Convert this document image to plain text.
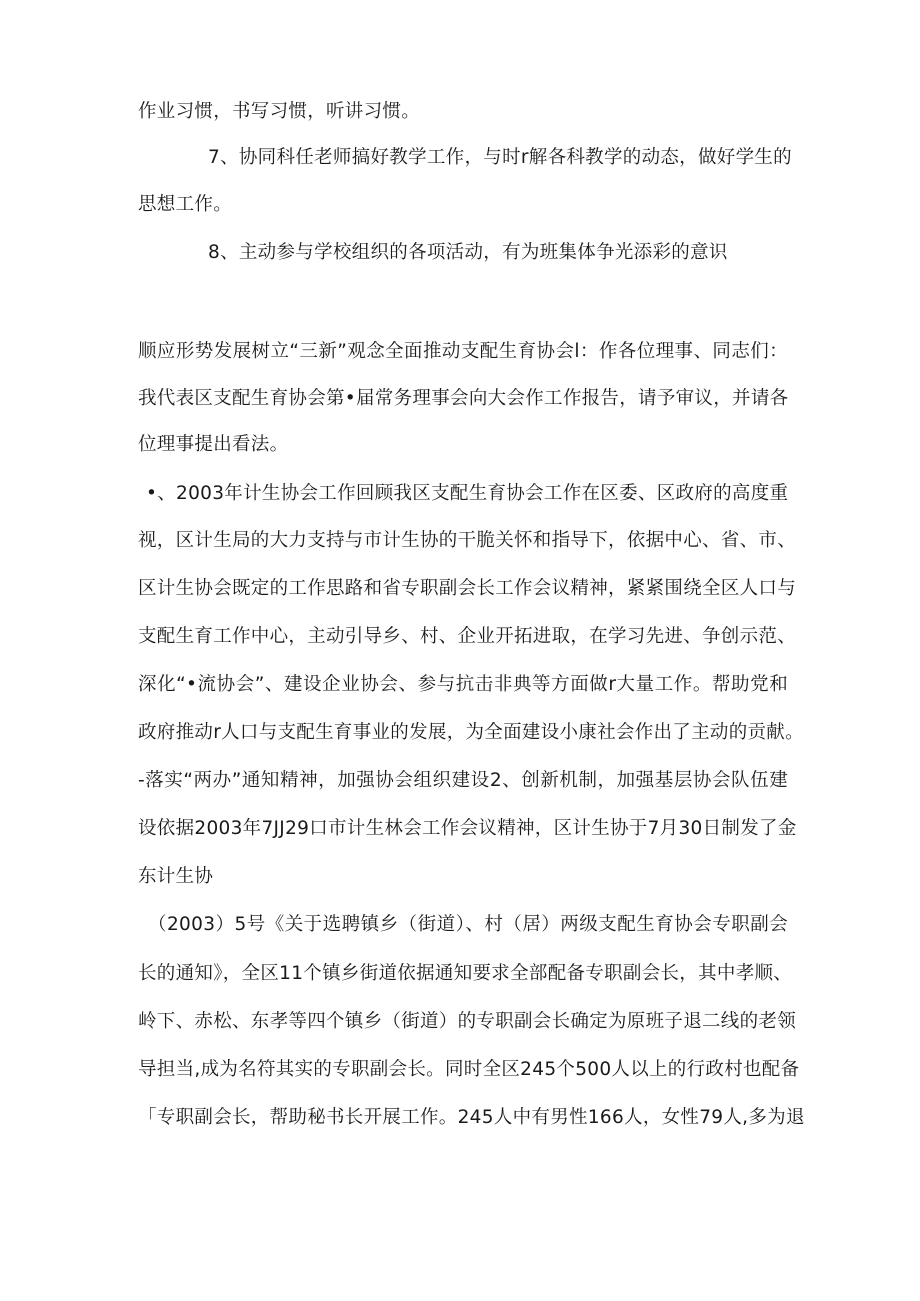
作业习惯，书写习惯，听讲习惯。
7、协同科任老师搞好教学工作，与时r解各科教学的动态，做好学生的
思想工作。
8、主动参与学校组织的各项活动，有为班集体争光添彩的意识
顺应形势发展树立“三新”观念全面推动支配生育协会l：作各位理事、同志们：
我代表区支配生育协会第•届常务理事会向大会作工作报告，请予审议，并请各
位理事提出看法。
•、2003年计生协会工作回顾我区支配生育协会工作在区委、区政府的高度重
视，区计生局的大力支持与市计生协的干脆关怀和指导下，依据中心、省、市、
区计生协会既定的工作思路和省专职副会长工作会议精神，紧紧围绕全区人口与
支配生育工作中心，主动引导乡、村、企业开拓进取，在学习先进、争创示范、
深化“•流协会”、建设企业协会、参与抗击非典等方面做r大量工作。帮助党和
政府推动r人口与支配生育事业的发展，为全面建设小康社会作出了主动的贡献。
-落实“两办”通知精神，加强协会组织建设2、创新机制，加强基层协会队伍建
设依据2003年7JJ29口市计生林会工作会议精神，区计生协于7月30日制发了金
东计生协
（2003）5号《关于选聘镇乡（街道）、村（居）两级支配生育协会专职副会
长的通知》，全区11个镇乡街道依据通知要求全部配备专职副会长，其中孝顺、
岭下、赤松、东孝等四个镇乡（街道）的专职副会长确定为原班子退二线的老领
导担当,成为名符其实的专职副会长。同时全区245个500人以上的行政村也配备
「专职副会长，帮助秘书长开展工作。245人中有男性166人，女性79人,多为退
